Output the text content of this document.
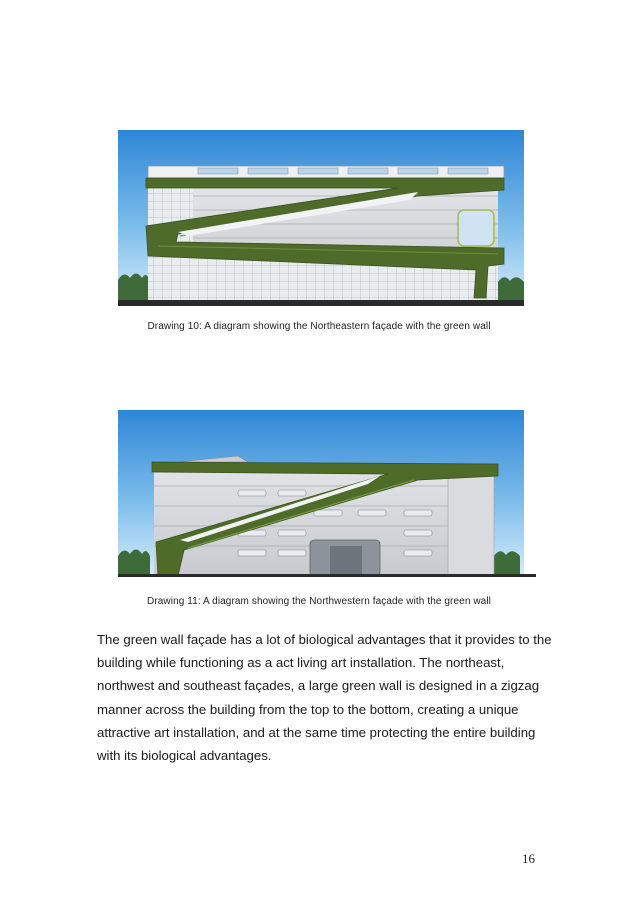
Drawing 10: A diagram showing the Northeastern façade with the green wall
Drawing 11: A diagram showing the Northwestern façade with the green wall
The green wall façade has a lot of biological advantages that it provides to the
building while functioning as a act living art installation. The northeast,
northwest and southeast façades, a large green wall is designed in a zigzag
manner across the building from the top to the bottom, creating a unique
attractive art installation, and at the same time protecting the entire building
with its biological advantages.
16
